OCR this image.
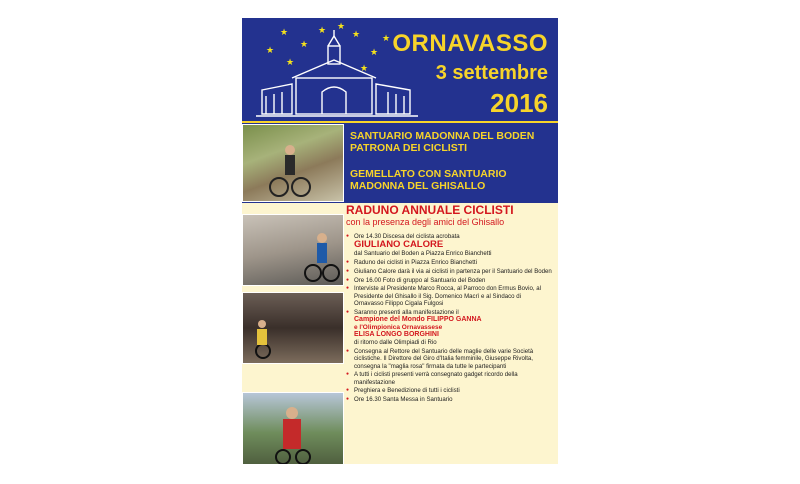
★
★
★
★
★
★
★
★
★
★
ORNAVASSO
3 settembre
2016
SANTUARIO MADONNA DEL BODEN
PATRONA DEI CICLISTI
GEMELLATO CON SANTUARIO
MADONNA DEL GHISALLO
RADUNO ANNUALE CICLISTI
con la presenza degli amici del Ghisallo
● Ore 14.30 Discesa del ciclista acrobata
GIULIANO CALORE
dal Santuario del Boden a Piazza Enrico Bianchetti
● Raduno dei ciclisti in Piazza Enrico Bianchetti
● Giuliano Calore darà il via ai ciclisti in partenza per il Santuario del Boden
● Ore 16.00 Foto di gruppo al Santuario del Boden
● Interviste al Presidente Marco Rocca, al Parroco don Ermus Bovio, al Presidente del Ghisallo il Sig. Domenico Macrì e al Sindaco di Ornavasso Filippo Cigala Fulgosi
● Saranno presenti alla manifestazione il
Campione del Mondo FILIPPO GANNA
e l'Olimpionica Ornavassese
ELISA LONGO BORGHINI
di ritorno dalle Olimpiadi di Rio
● Consegna al Rettore del Santuario delle maglie delle varie Società ciclistiche. Il Direttore del Giro d'Italia femminile, Giuseppe Rivolta, consegna la "maglia rosa" firmata da tutte le partecipanti
● A tutti i ciclisti presenti verrà consegnato gadget ricordo della manifestazione
● Preghiera e Benedizione di tutti i ciclisti
● Ore 16.30 Santa Messa in Santuario
